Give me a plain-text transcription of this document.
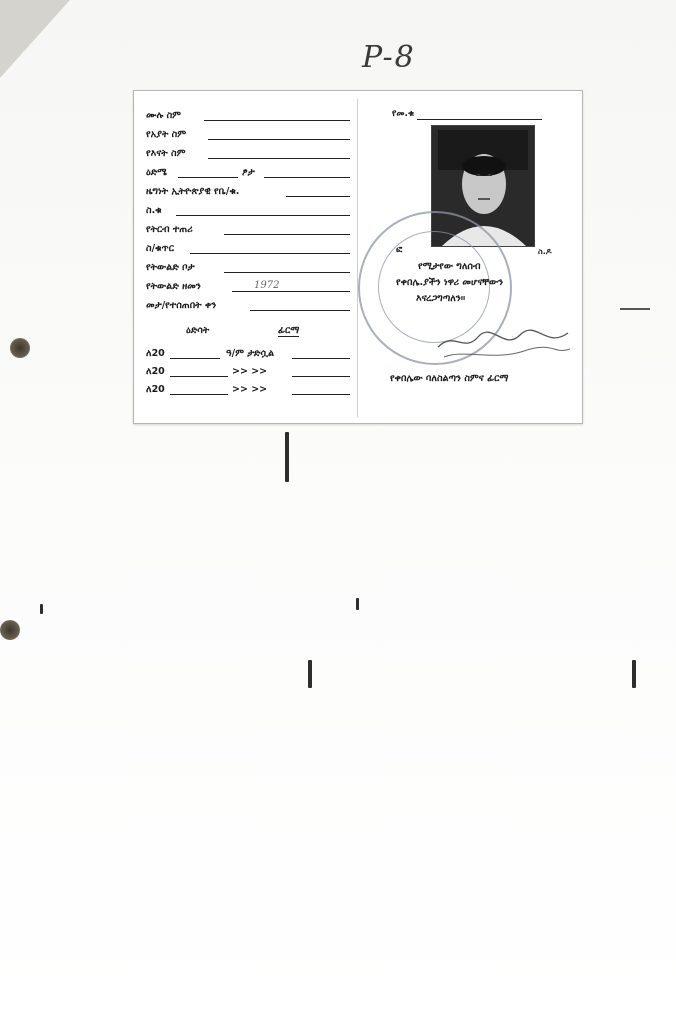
P-8
ሙሉ ስም
የአያት ስም
የእናት ስም
ዕድሜ	ፆታ
ዜግነት ኢትዮጵያዊ የቤ/ቁ.
ስ.ቁ
የትርብ ተጠሪ
ስ/ቁጥር
የትውልድ ቦታ
የትውልድ ዘመን	1972
መታ/የተሰጠበት ቀን
ዕድሳት	ፊርማ
ለ20	ዓ/ም ታድሷል
ለ20	>> >>
ለ20	>> >>
የመ.ቁ
ፎ	ስ.ዶ
የሚታየው ግለሰብ
የቀበሌ.ያችን ነዋሪ መሆናቸውን
እናረጋግጣለን፡፡
የቀበሌው ባለስልጣን ስምና ፊርማ
